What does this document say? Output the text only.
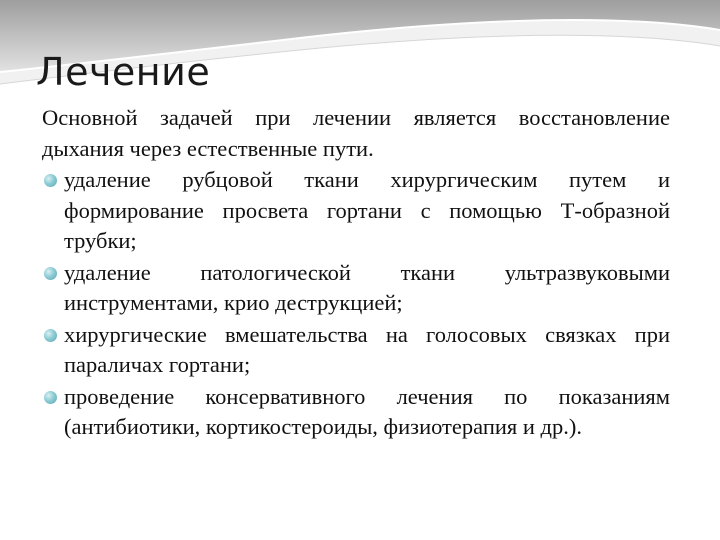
Лечение

Основной задачей при лечении является восстановление дыхания через естественные пути.

удаление рубцовой ткани хирургическим путем и формирование просвета гортани с помощью Т-образной трубки;
удаление патологической ткани ультразвуковыми инструментами, крио деструкцией;
хирургические вмешательства на голосовых связках при параличах гортани;
проведение консервативного лечения по показаниям (антибиотики, кортикостероиды, физиотерапия и др.).
